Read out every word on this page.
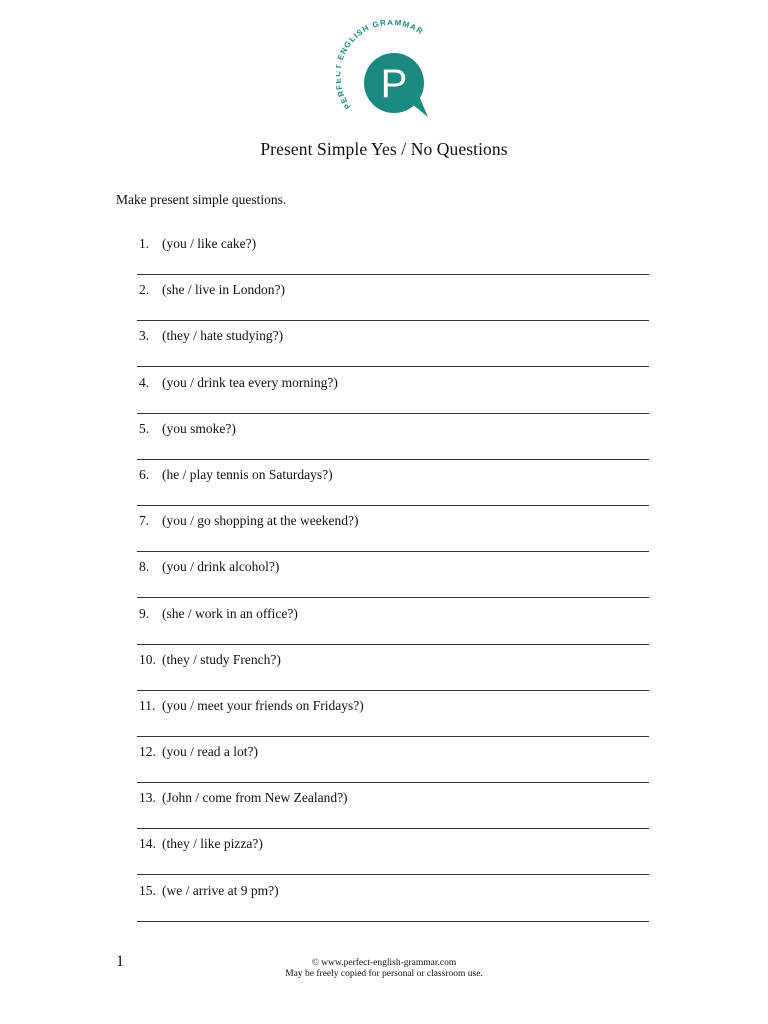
PER ENGLISH GRAMMAR
P
Present Simple Yes / No Questions
Make present simple questions.
1. (you / like cake?)
2. (she / live in London?)
3. (they / hate studying?)
4. (you / drink tea every morning?)
5. (you smoke?)
6. (he / play tennis on Saturdays?)
7. (you / go shopping at the weekend?)
8. (you / drink alcohol?)
9. (she / work in an office?)
10. (they / study French?)
11. (you / meet your friends on Fridays?)
12. (you / read a lot?)
13. (John / come from New Zealand?)
14. (they / like pizza?)
15. (we / arrive at 9 pm?)
1	© www.perfect-english-grammar.com
May be freely copied for personal or classroom use.
